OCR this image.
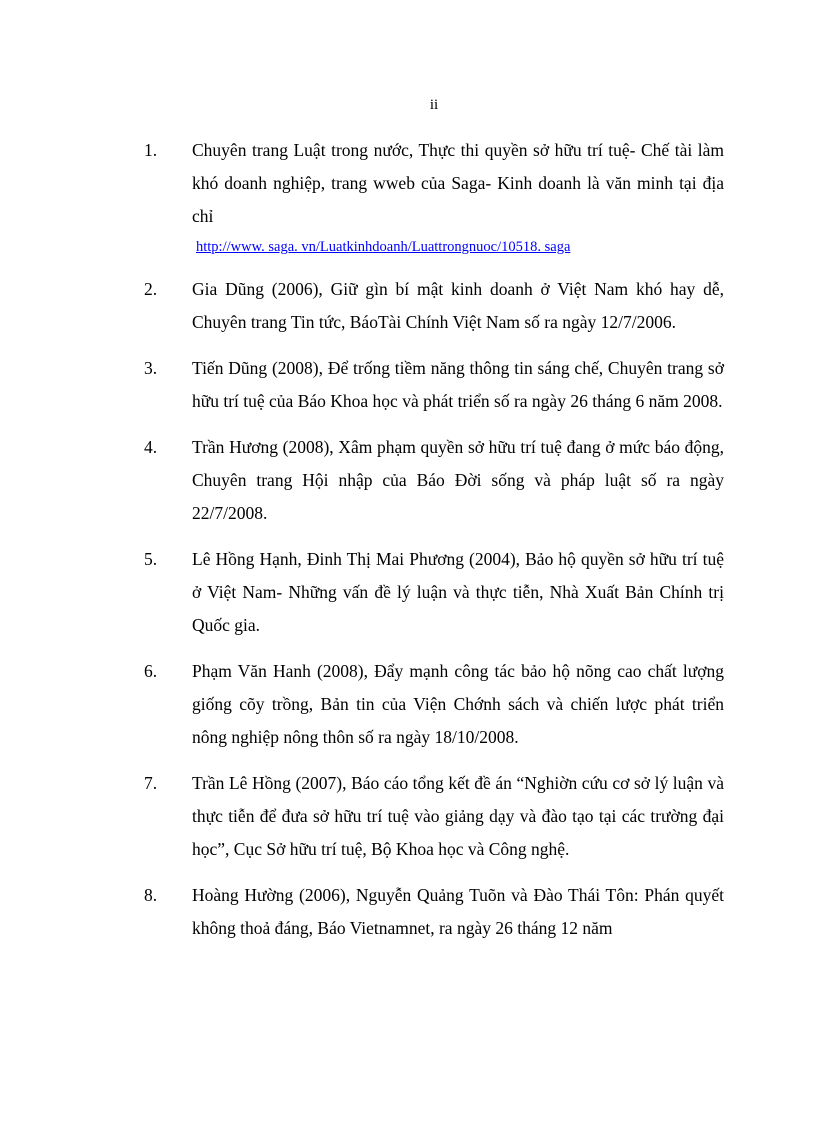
ii
1. Chuyên trang Luật trong nước, Thực thi quyền sở hữu trí tuệ- Chế tài làm khó doanh nghiệp, trang wweb của Saga- Kinh doanh là văn minh tại địa chỉ
http://www. saga. vn/Luatkinhdoanh/Luattrongnuoc/10518. saga
2. Gia Dũng (2006), Giữ gìn bí mật kinh doanh ở Việt Nam khó hay dễ, Chuyên trang Tin tức, BáoTài Chính Việt Nam số ra ngày 12/7/2006.
3. Tiến Dũng (2008), Để trống tiềm năng thông tin sáng chế, Chuyên trang sở hữu trí tuệ của Báo Khoa học và phát triển số ra ngày 26 tháng 6 năm 2008.
4. Trần Hương (2008), Xâm phạm quyền sở hữu trí tuệ đang ở mức báo động, Chuyên trang Hội nhập của Báo Đời sống và pháp luật số ra ngày 22/7/2008.
5. Lê Hồng Hạnh, Đinh Thị Mai Phương (2004), Bảo hộ quyền sở hữu trí tuệ ở Việt Nam- Những vấn đề lý luận và thực tiễn, Nhà Xuất Bản Chính trị Quốc gia.
6. Phạm Văn Hanh (2008), Đẩy mạnh công tác bảo hộ nõng cao chất lượng giống cõy trồng, Bản tin của Viện Chớnh sách và chiến lược phát triển nông nghiệp nông thôn số ra ngày 18/10/2008.
7. Trần Lê Hồng (2007), Báo cáo tổng kết đề án “Nghiờn cứu cơ sở lý luận và thực tiễn để đưa sở hữu trí tuệ vào giảng dạy và đào tạo tại các trường đại học”, Cục Sở hữu trí tuệ, Bộ Khoa học và Công nghệ.
8. Hoàng Hường (2006), Nguyễn Quảng Tuõn và Đào Thái Tôn: Phán quyết không thoả đáng, Báo Vietnamnet, ra ngày 26 tháng 12 năm
